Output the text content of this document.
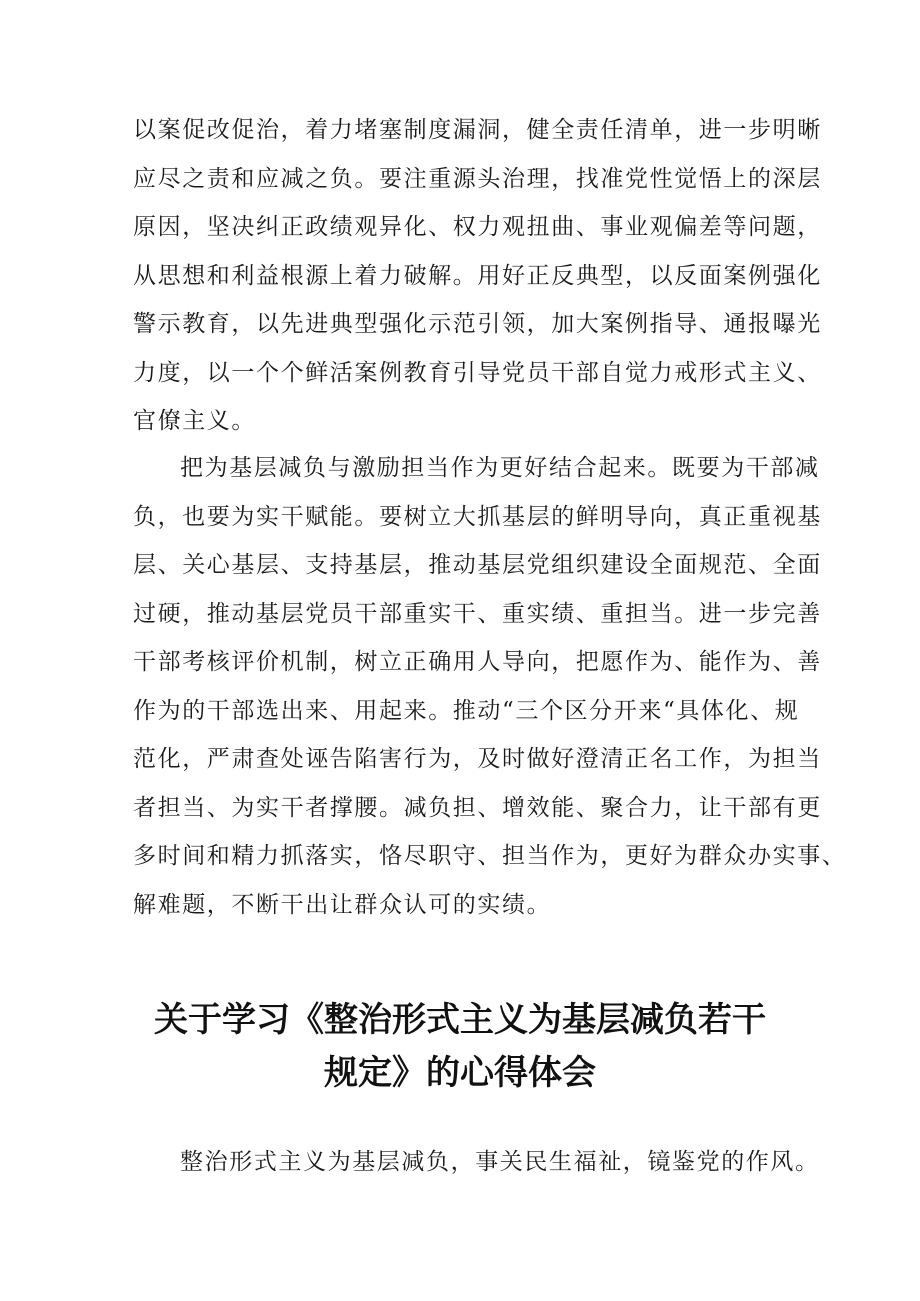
以案促改促治，着力堵塞制度漏洞，健全责任清单，进一步明晰
应尽之责和应减之负。要注重源头治理，找准党性觉悟上的深层
原因，坚决纠正政绩观异化、权力观扭曲、事业观偏差等问题，
从思想和利益根源上着力破解。用好正反典型，以反面案例强化
警示教育，以先进典型强化示范引领，加大案例指导、通报曝光
力度，以一个个鲜活案例教育引导党员干部自觉力戒形式主义、
官僚主义。

把为基层减负与激励担当作为更好结合起来。既要为干部减
负，也要为实干赋能。要树立大抓基层的鲜明导向，真正重视基
层、关心基层、支持基层，推动基层党组织建设全面规范、全面
过硬，推动基层党员干部重实干、重实绩、重担当。进一步完善
干部考核评价机制，树立正确用人导向，把愿作为、能作为、善
作为的干部选出来、用起来。推动“三个区分开来“具体化、规
范化，严肃查处诬告陷害行为，及时做好澄清正名工作，为担当
者担当、为实干者撑腰。减负担、增效能、聚合力，让干部有更
多时间和精力抓落实，恪尽职守、担当作为，更好为群众办实事、
解难题，不断干出让群众认可的实绩。

关于学习《整治形式主义为基层减负若干
规定》的心得体会

整治形式主义为基层减负，事关民生福祉，镜鉴党的作风。
